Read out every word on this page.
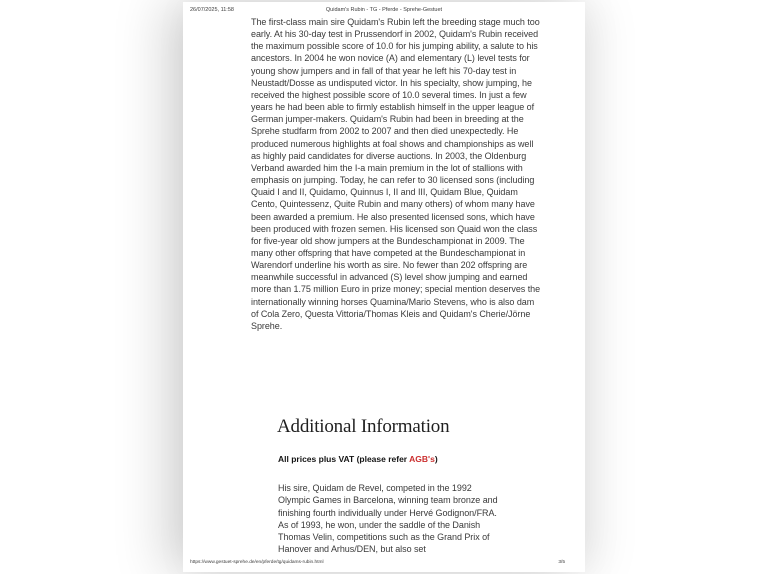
26/07/2025, 11:58	Quidam's Rubin - TG - Pferde - Sprehe-Gestuet

The first-class main sire Quidam's Rubin left the breeding stage much too early. At his 30-day test in Prussendorf in 2002, Quidam's Rubin received the maximum possible score of 10.0 for his jumping ability, a salute to his ancestors. In 2004 he won novice (A) and elementary (L) level tests for young show jumpers and in fall of that year he left his 70-day test in Neustadt/Dosse as undisputed victor. In his specialty, show jumping, he received the highest possible score of 10.0 several times. In just a few years he had been able to firmly establish himself in the upper league of German jumper-makers. Quidam's Rubin had been in breeding at the Sprehe studfarm from 2002 to 2007 and then died unexpectedly. He produced numerous highlights at foal shows and championships as well as highly paid candidates for diverse auctions. In 2003, the Oldenburg Verband awarded him the I-a main premium in the lot of stallions with emphasis on jumping. Today, he can refer to 30 licensed sons (including Quaid I and II, Quidamo, Quinnus I, II and III, Quidam Blue, Quidam Cento, Quintessenz, Quite Rubin and many others) of whom many have been awarded a premium. He also presented licensed sons, which have been produced with frozen semen. His licensed son Quaid won the class for five-year old show jumpers at the Bundeschampionat in 2009. The many other offspring that have competed at the Bundeschampionat in Warendorf underline his worth as sire. No fewer than 202 offspring are meanwhile successful in advanced (S) level show jumping and earned more than 1.75 million Euro in prize money; special mention deserves the internationally winning horses Quamina/Mario Stevens, who is also dam of Cola Zero, Questa Vittoria/Thomas Kleis and Quidam's Cherie/Jörne Sprehe.

Additional Information

All prices plus VAT (please refer AGB's)

His sire, Quidam de Revel, competed in the 1992 Olympic Games in Barcelona, winning team bronze and finishing fourth individually under Hervé Godignon/FRA. As of 1993, he won, under the saddle of the Danish Thomas Velin, competitions such as the Grand Prix of Hanover and Arhus/DEN, but also set

https://www.gestuet-sprehe.de/en/pferde/tg/quidams-rubin.html	3/5
